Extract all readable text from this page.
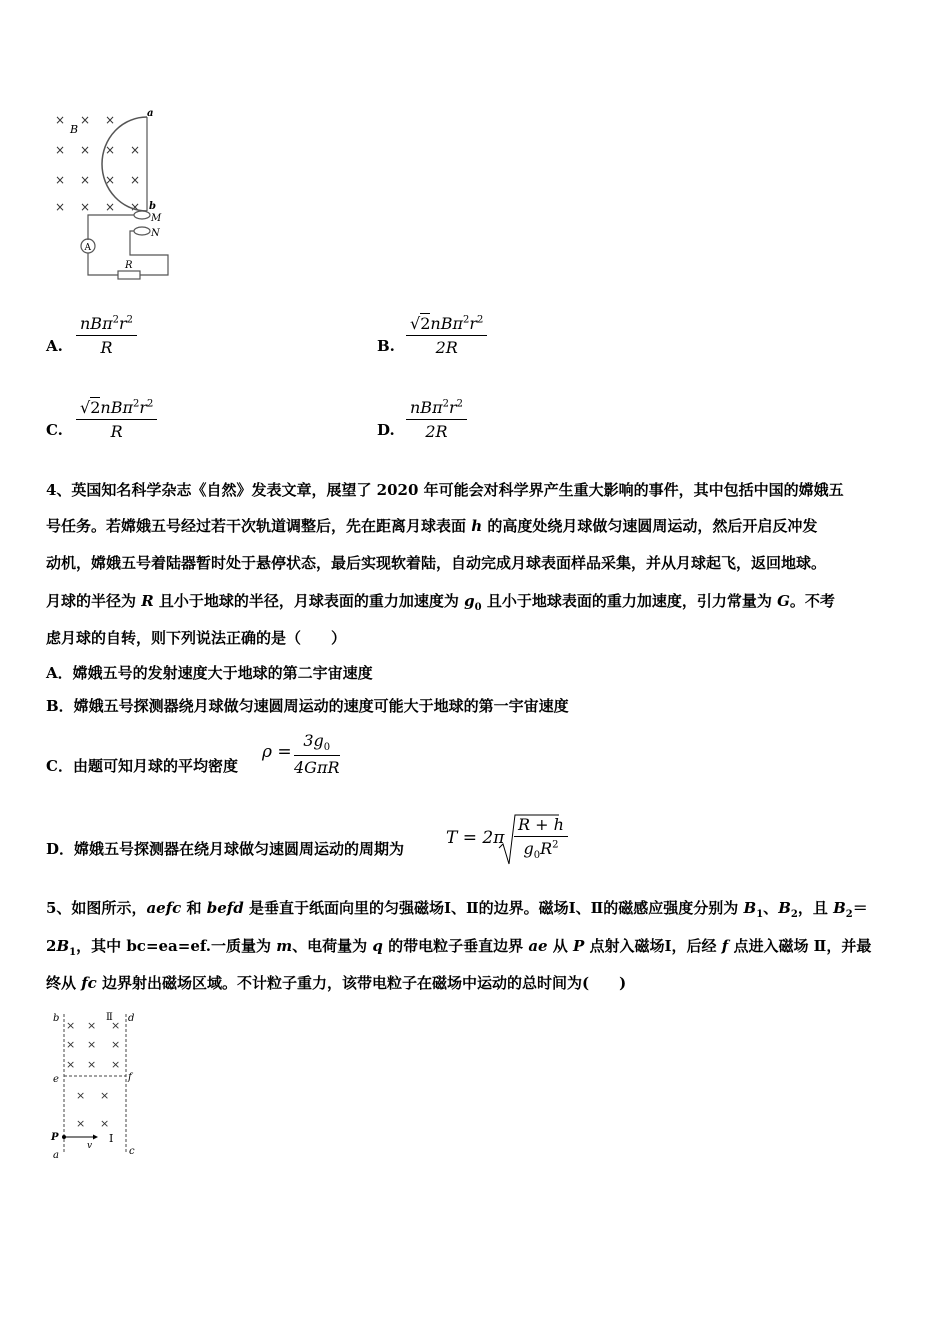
× × ×
× × × ×
× × × ×
× × × ×
B
a
b
M
N
A
R
A.
$nB\pi^2r^2$
R	B.
$√2nB\pi^2r^2$
2R
C.
$√2nB\pi^2r^2$
R	D.
$nB\pi^2r^2$
2R
4、英国知名科学杂志《自然》发表文章，展望了 2020 年可能会对科学界产生重大影响的事件，其中包括中国的嫦娥五
号任务。若嫦娥五号经过若干次轨道调整后，先在距离月球表面 h 的高度处绕月球做匀速圆周运动，然后开启反冲发
动机，嫦娥五号着陆器暂时处于悬停状态，最后实现软着陆，自动完成月球表面样品采集，并从月球起飞，返回地球。
月球的半径为 R 且小于地球的半径，月球表面的重力加速度为 $g_0$ 且小于地球表面的重力加速度，引力常量为 G。不考
虑月球的自转，则下列说法正确的是（　　）
A．嫦娥五号的发射速度大于地球的第二宇宙速度
B．嫦娥五号探测器绕月球做匀速圆周运动的速度可能大于地球的第一宇宙速度
C．由题可知月球的平均密度
ρ =
$3g_0$
4GπR
D．嫦娥五号探测器在绕月球做匀速圆周运动的周期为
T = 2π
R + h
$g_0R^2$
5、如图所示，aefc 和 befd 是垂直于纸面向里的匀强磁场Ⅰ、Ⅱ的边界。磁场Ⅰ、Ⅱ的磁感应强度分别为 $B_1$、$B_2$，且 $B_2=$
$2B_1$，其中 bc=ea=ef.一质量为 m、电荷量为 q 的带电粒子垂直边界 ae 从 P 点射入磁场Ⅰ，后经 f 点进入磁场 Ⅱ，并最
终从 fc 边界射出磁场区域。不计粒子重力，该带电粒子在磁场中运动的总时间为(　　)
× × ×
× × ×
× × ×
× ×
× ×
b	d
Ⅱ
e	f
P
v
Ⅰ
a	c
